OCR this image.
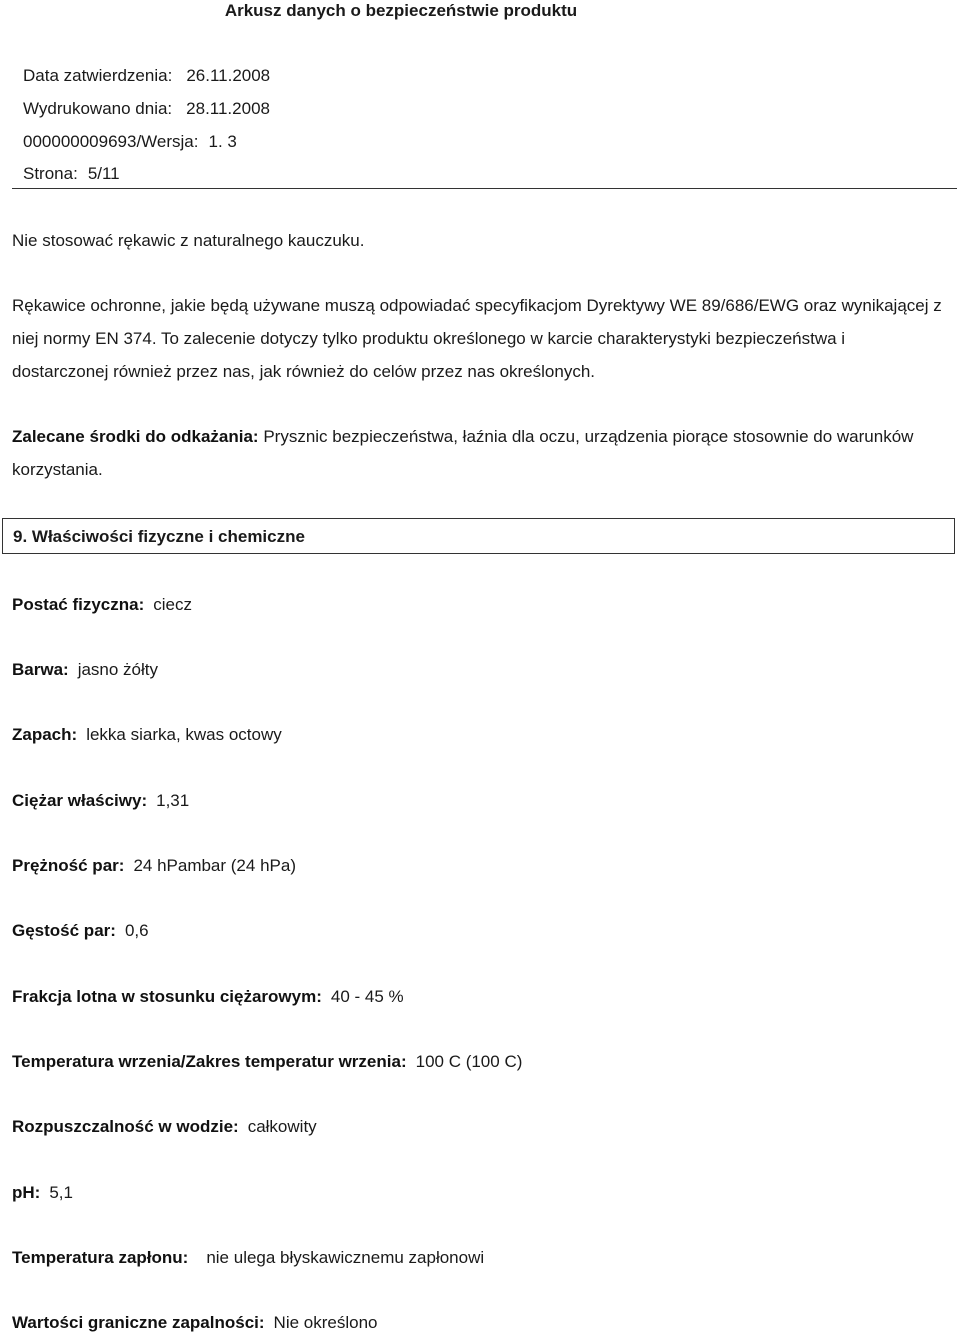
Arkusz danych o bezpieczeństwie produktu
Data zatwierdzenia: 26.11.2008
Wydrukowano dnia: 28.11.2008
000000009693/Wersja: 1. 3
Strona: 5/11
Nie stosować rękawic z naturalnego kauczuku.
Rękawice ochronne, jakie będą używane muszą odpowiadać specyfikacjom Dyrektywy WE 89/686/EWG oraz wynikającej z niej normy EN 374. To zalecenie dotyczy tylko produktu określonego w karcie charakterystyki bezpieczeństwa i dostarczonej również przez nas, jak również do celów przez nas określonych.
Zalecane środki do odkażania: Prysznic bezpieczeństwa, łaźnia dla oczu, urządzenia piorące stosownie do warunków korzystania.
9. Właściwości fizyczne i chemiczne
Postać fizyczna: ciecz
Barwa: jasno żółty
Zapach: lekka siarka, kwas octowy
Ciężar właściwy: 1,31
Prężność par: 24 hPambar (24 hPa)
Gęstość par: 0,6
Frakcja lotna w stosunku ciężarowym: 40 - 45 %
Temperatura wrzenia/Zakres temperatur wrzenia: 100 C (100 C)
Rozpuszczalność w wodzie: całkowity
pH: 5,1
Temperatura zapłonu: nie ulega błyskawicznemu zapłonowi
Wartości graniczne zapalności: Nie określono
